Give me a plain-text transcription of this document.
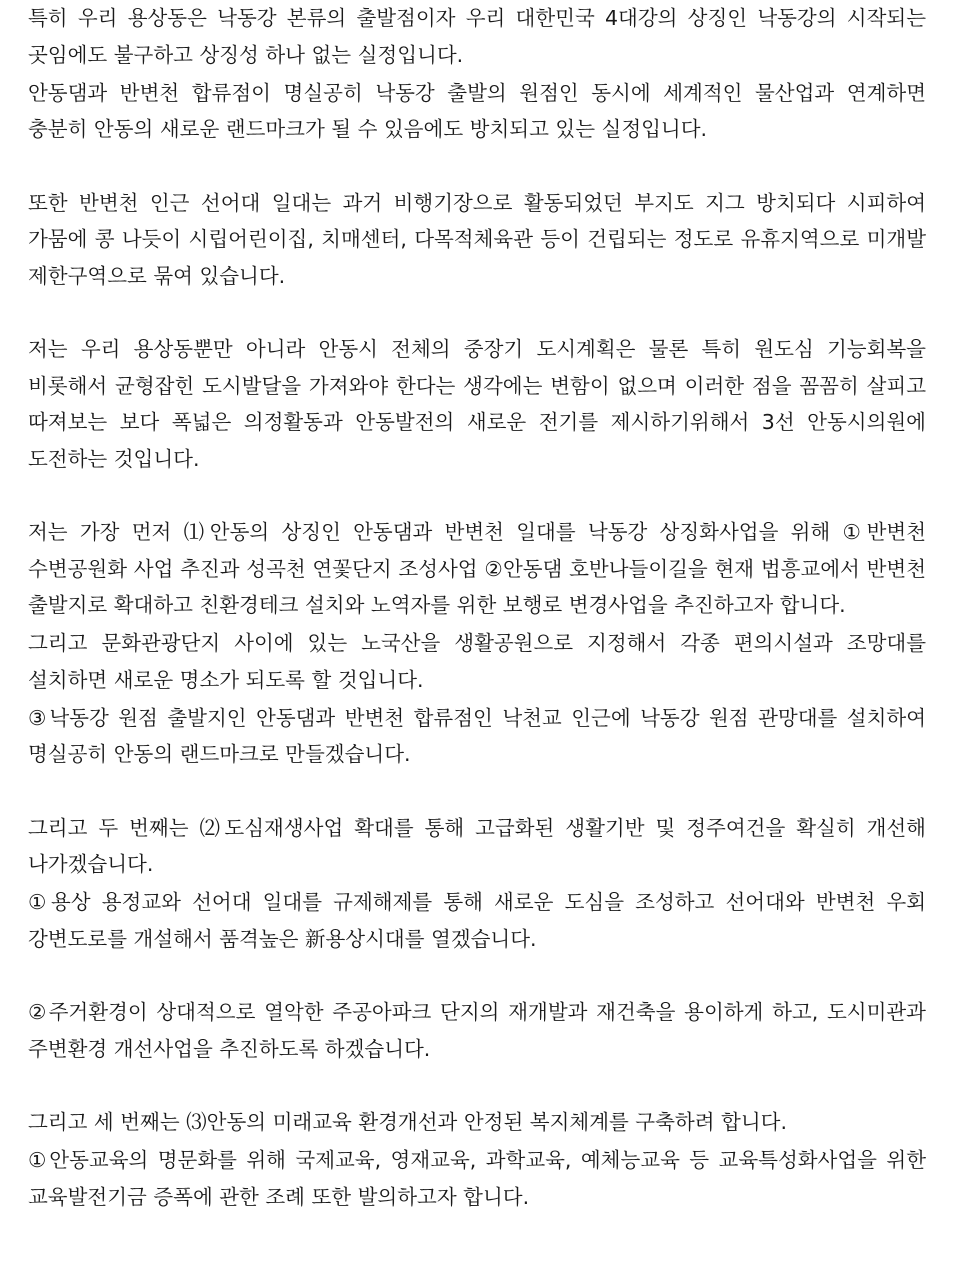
특히 우리 용상동은 낙동강 본류의 출발점이자 우리 대한민국 4대강의 상징인 낙동강의 시작되는 곳임에도 불구하고 상징성 하나 없는 실정입니다.

안동댐과 반변천 합류점이 명실공히 낙동강 출발의 원점인 동시에 세계적인 물산업과 연계하면 충분히 안동의 새로운 랜드마크가 될 수 있음에도 방치되고 있는 실정입니다.

또한 반변천 인근 선어대 일대는 과거 비행기장으로 활동되었던 부지도 지그 방치되다 시피하여 가뭄에 콩 나듯이 시립어린이집, 치매센터, 다목적체육관 등이 건립되는 정도로 유휴지역으로 미개발 제한구역으로 묶여 있습니다.

저는 우리 용상동뿐만 아니라 안동시 전체의 중장기 도시계획은 물론 특히 원도심 기능회복을 비롯해서 균형잡힌 도시발달을 가져와야 한다는 생각에는 변함이 없으며 이러한 점을 꼼꼼히 살피고 따져보는 보다 폭넓은 의정활동과 안동발전의 새로운 전기를 제시하기위해서 3선 안동시의원에 도전하는 것입니다.

저는 가장 먼저 ⑴안동의 상징인 안동댐과 반변천 일대를 낙동강 상징화사업을 위해 ①반변천 수변공원화 사업 추진과 성곡천 연꽃단지 조성사업 ②안동댐 호반나들이길을 현재 법흥교에서 반변천 출발지로 확대하고 친환경테크 설치와 노역자를 위한 보행로 변경사업을 추진하고자 합니다.

그리고 문화관광단지 사이에 있는 노국산을 생활공원으로 지정해서 각종 편의시설과 조망대를 설치하면 새로운 명소가 되도록 할 것입니다.

③낙동강 원점 출발지인 안동댐과 반변천 합류점인 낙천교 인근에 낙동강 원점 관망대를 설치하여 명실공히 안동의 랜드마크로 만들겠습니다.

그리고 두 번째는 ⑵도심재생사업 확대를 통해 고급화된 생활기반 및 정주여건을 확실히 개선해 나가겠습니다.

①용상 용정교와 선어대 일대를 규제해제를 통해 새로운 도심을 조성하고 선어대와 반변천 우회 강변도로를 개설해서 품격높은 新용상시대를 열겠습니다.

②주거환경이 상대적으로 열악한 주공아파크 단지의 재개발과 재건축을 용이하게 하고, 도시미관과 주변환경 개선사업을 추진하도록 하겠습니다.

그리고 세 번째는 ⑶안동의 미래교육 환경개선과 안정된 복지체계를 구축하려 합니다.

①안동교육의 명문화를 위해 국제교육, 영재교육, 과학교육, 예체능교육 등 교육특성화사업을 위한 교육발전기금 증폭에 관한 조례 또한 발의하고자 합니다.
